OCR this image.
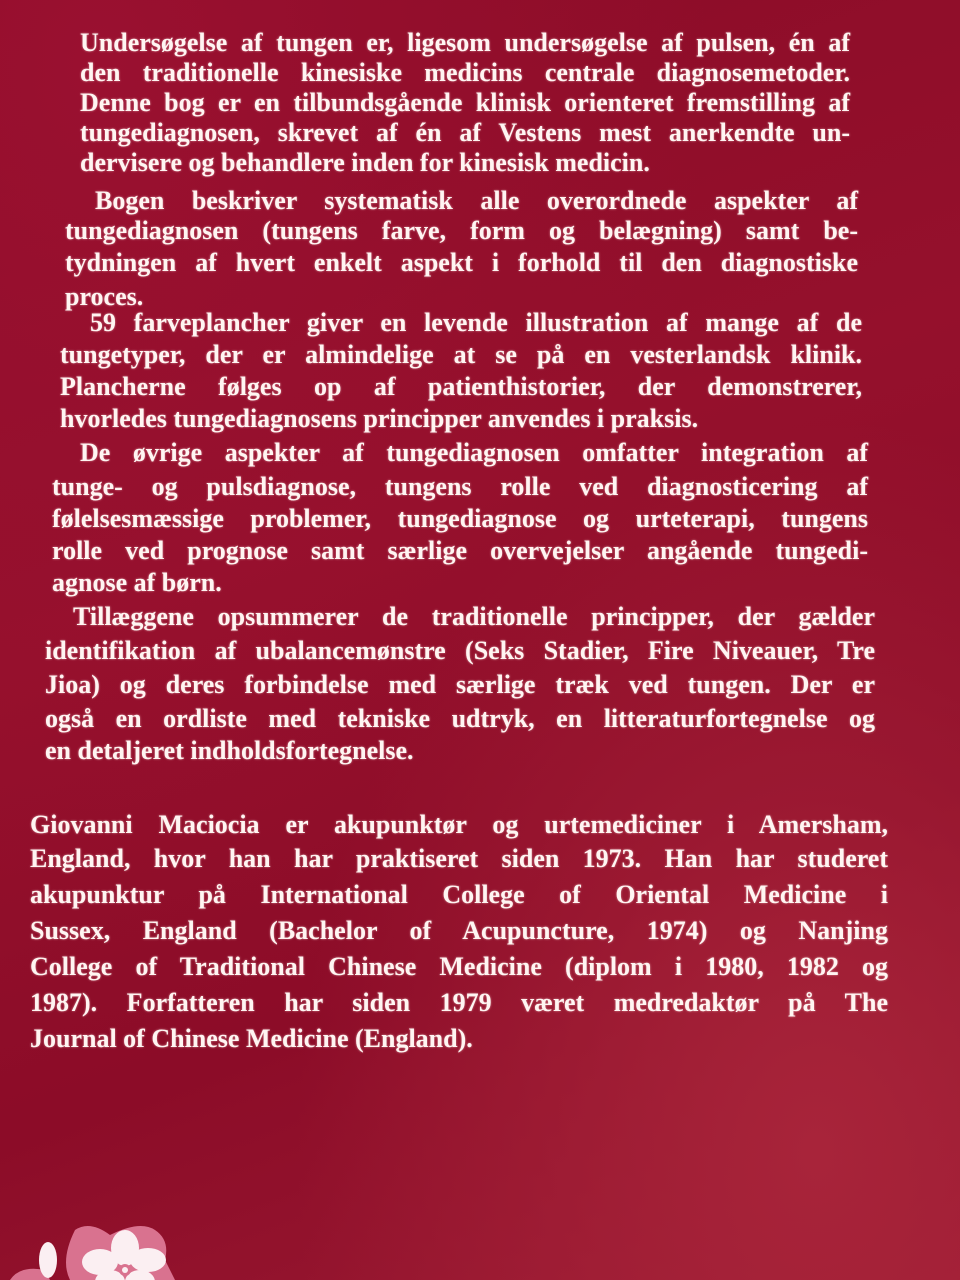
Undersøgelse af tungen er, ligesom undersøgelse af pulsen, én af
den traditionelle kinesiske medicins centrale diagnosemetoder.
Denne bog er en tilbundsgående klinisk orienteret fremstilling af
tungediagnosen, skrevet af én af Vestens mest anerkendte un-
dervisere og behandlere inden for kinesisk medicin.
Bogen beskriver systematisk alle overordnede aspekter af
tungediagnosen (tungens farve, form og belægning) samt be-
tydningen af hvert enkelt aspekt i forhold til den diagnostiske
proces.
59 farveplancher giver en levende illustration af mange af de
tungetyper, der er almindelige at se på en vesterlandsk klinik.
Plancherne følges op af patienthistorier, der demonstrerer,
hvorledes tungediagnosens principper anvendes i praksis.
De øvrige aspekter af tungediagnosen omfatter integration af
tunge- og pulsdiagnose, tungens rolle ved diagnosticering af
følelsesmæssige problemer, tungediagnose og urteterapi, tungens
rolle ved prognose samt særlige overvejelser angående tungedi-
agnose af børn.
Tillæggene opsummerer de traditionelle principper, der gælder
identifikation af ubalancemønstre (Seks Stadier, Fire Niveauer, Tre
Jioa) og deres forbindelse med særlige træk ved tungen. Der er
også en ordliste med tekniske udtryk, en litteraturfortegnelse og
en detaljeret indholdsfortegnelse.
Giovanni Maciocia er akupunktør og urtemediciner i Amersham,
England, hvor han har praktiseret siden 1973. Han har studeret
akupunktur på International College of Oriental Medicine i
Sussex, England (Bachelor of Acupuncture, 1974) og Nanjing
College of Traditional Chinese Medicine (diplom i 1980, 1982 og
1987). Forfatteren har siden 1979 været medredaktør på The
Journal of Chinese Medicine (England).
